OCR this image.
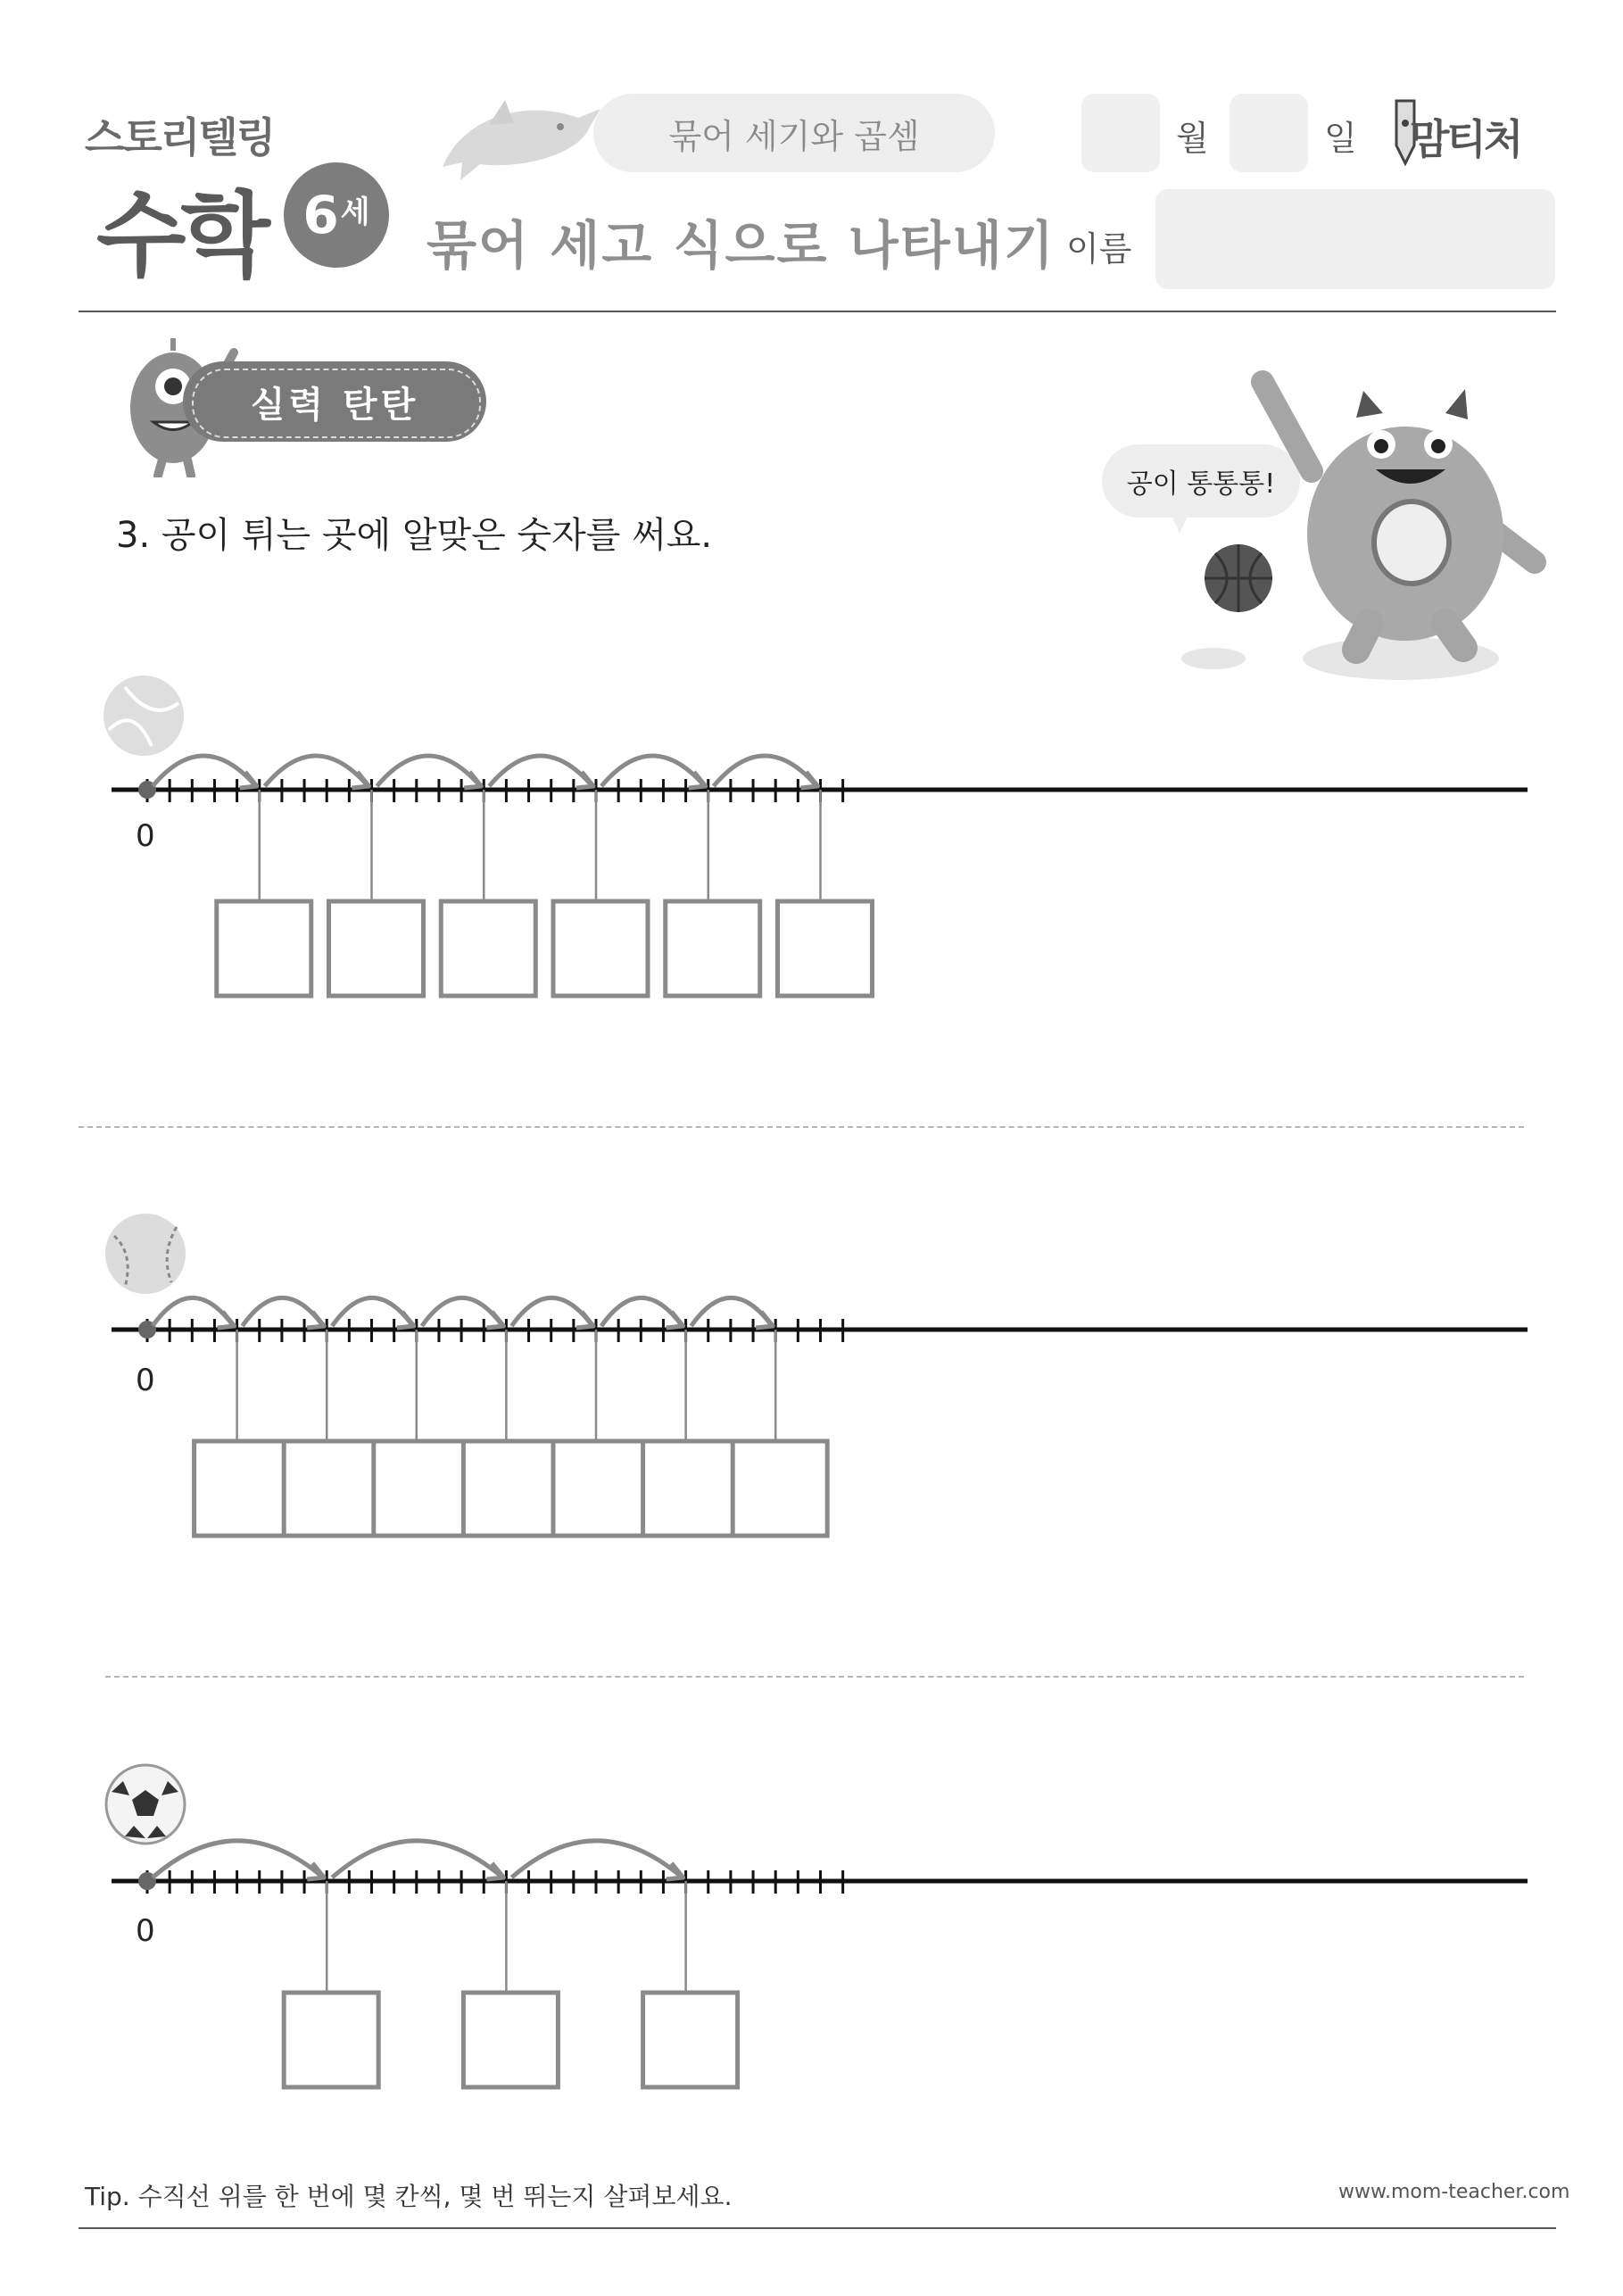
스토리텔링
수학 6 세
묶어 세기와 곱셈
묶어 세고 식으로 나타내기
월	일 맘티처
이름
실력 탄탄
3. 공이 튀는 곳에 알맞은 숫자를 써요.
공이 통통통!
0
0
0
Tip. 수직선 위를 한 번에 몇 칸씩, 몇 번 뛰는지 살펴보세요.	www.mom-teacher.com
